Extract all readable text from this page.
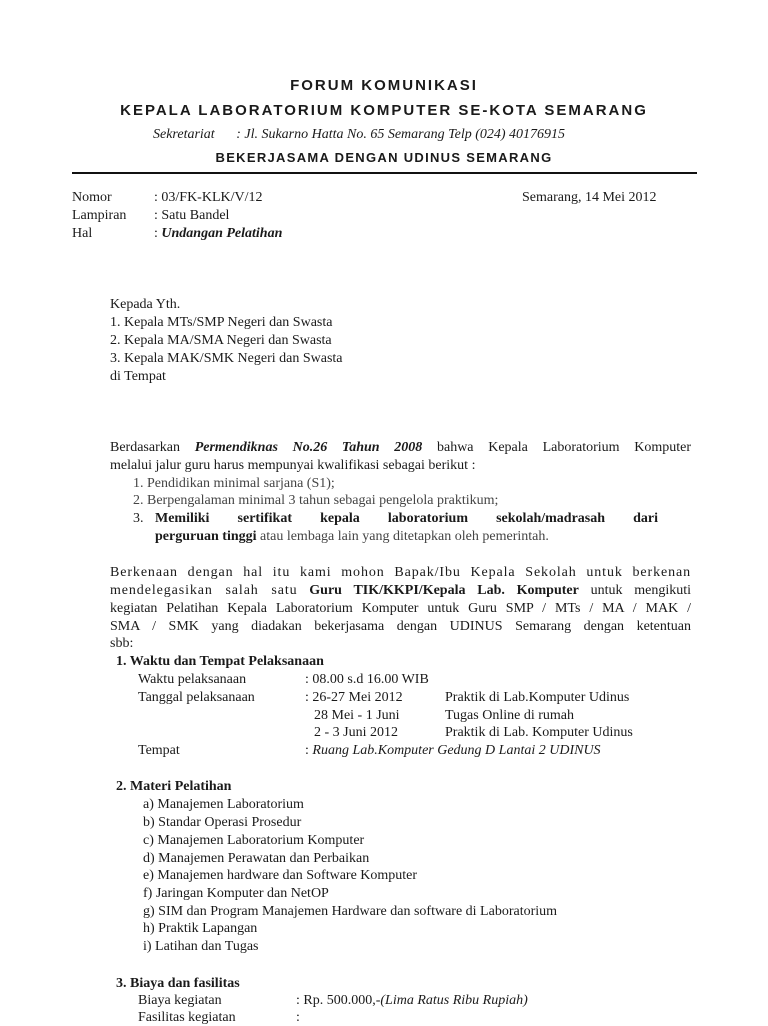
FORUM KOMUNIKASI
KEPALA LABORATORIUM KOMPUTER SE-KOTA SEMARANG
Sekretariat : Jl. Sukarno Hatta No. 65 Semarang Telp (024) 40176915
BEKERJASAMA DENGAN UDINUS SEMARANG
Nomor	: 03/FK-KLK/V/12
Lampiran : Satu Bandel
Hal	: Undangan Pelatihan
Semarang, 14 Mei 2012
Kepada Yth.
1. Kepala MTs/SMP Negeri dan Swasta
2. Kepala MA/SMA Negeri dan Swasta
3. Kepala MAK/SMK Negeri dan Swasta
di Tempat
Berdasarkan Permendiknas No.26 Tahun 2008 bahwa Kepala Laboratorium Komputer
melalui jalur guru harus mempunyai kwalifikasi sebagai berikut :
1. Pendidikan minimal sarjana (S1);
2. Berpengalaman minimal 3 tahun sebagai pengelola praktikum;
3. Memiliki sertifikat kepala laboratorium sekolah/madrasah dari
perguruan tinggi atau lembaga lain yang ditetapkan oleh pemerintah.
Berkenaan dengan hal itu kami mohon Bapak/Ibu Kepala Sekolah untuk berkenan
mendelegasikan salah satu Guru TIK/KKPI/Kepala Lab. Komputer untuk mengikuti
kegiatan Pelatihan Kepala Laboratorium Komputer untuk Guru SMP / MTs / MA / MAK /
SMA / SMK yang diadakan bekerjasama dengan UDINUS Semarang dengan ketentuan
sbb:
1. Waktu dan Tempat Pelaksanaan
Waktu pelaksanaan	: 08.00 s.d 16.00 WIB
Tanggal pelaksanaan	: 26-27 Mei 2012	Praktik di Lab.Komputer Udinus
28 Mei - 1 Juni	Tugas Online di rumah
2 - 3 Juni 2012	Praktik di Lab. Komputer Udinus
Tempat	: Ruang Lab.Komputer Gedung D Lantai 2 UDINUS
2. Materi Pelatihan
a) Manajemen Laboratorium
b) Standar Operasi Prosedur
c) Manajemen Laboratorium Komputer
d) Manajemen Perawatan dan Perbaikan
e) Manajemen hardware dan Software Komputer
f) Jaringan Komputer dan NetOP
g) SIM dan Program Manajemen Hardware dan software di Laboratorium
h) Praktik Lapangan
i) Latihan dan Tugas
3. Biaya dan fasilitas
Biaya kegiatan	: Rp. 500.000,-(Lima Ratus Ribu Rupiah)
Fasilitas kegiatan	:
